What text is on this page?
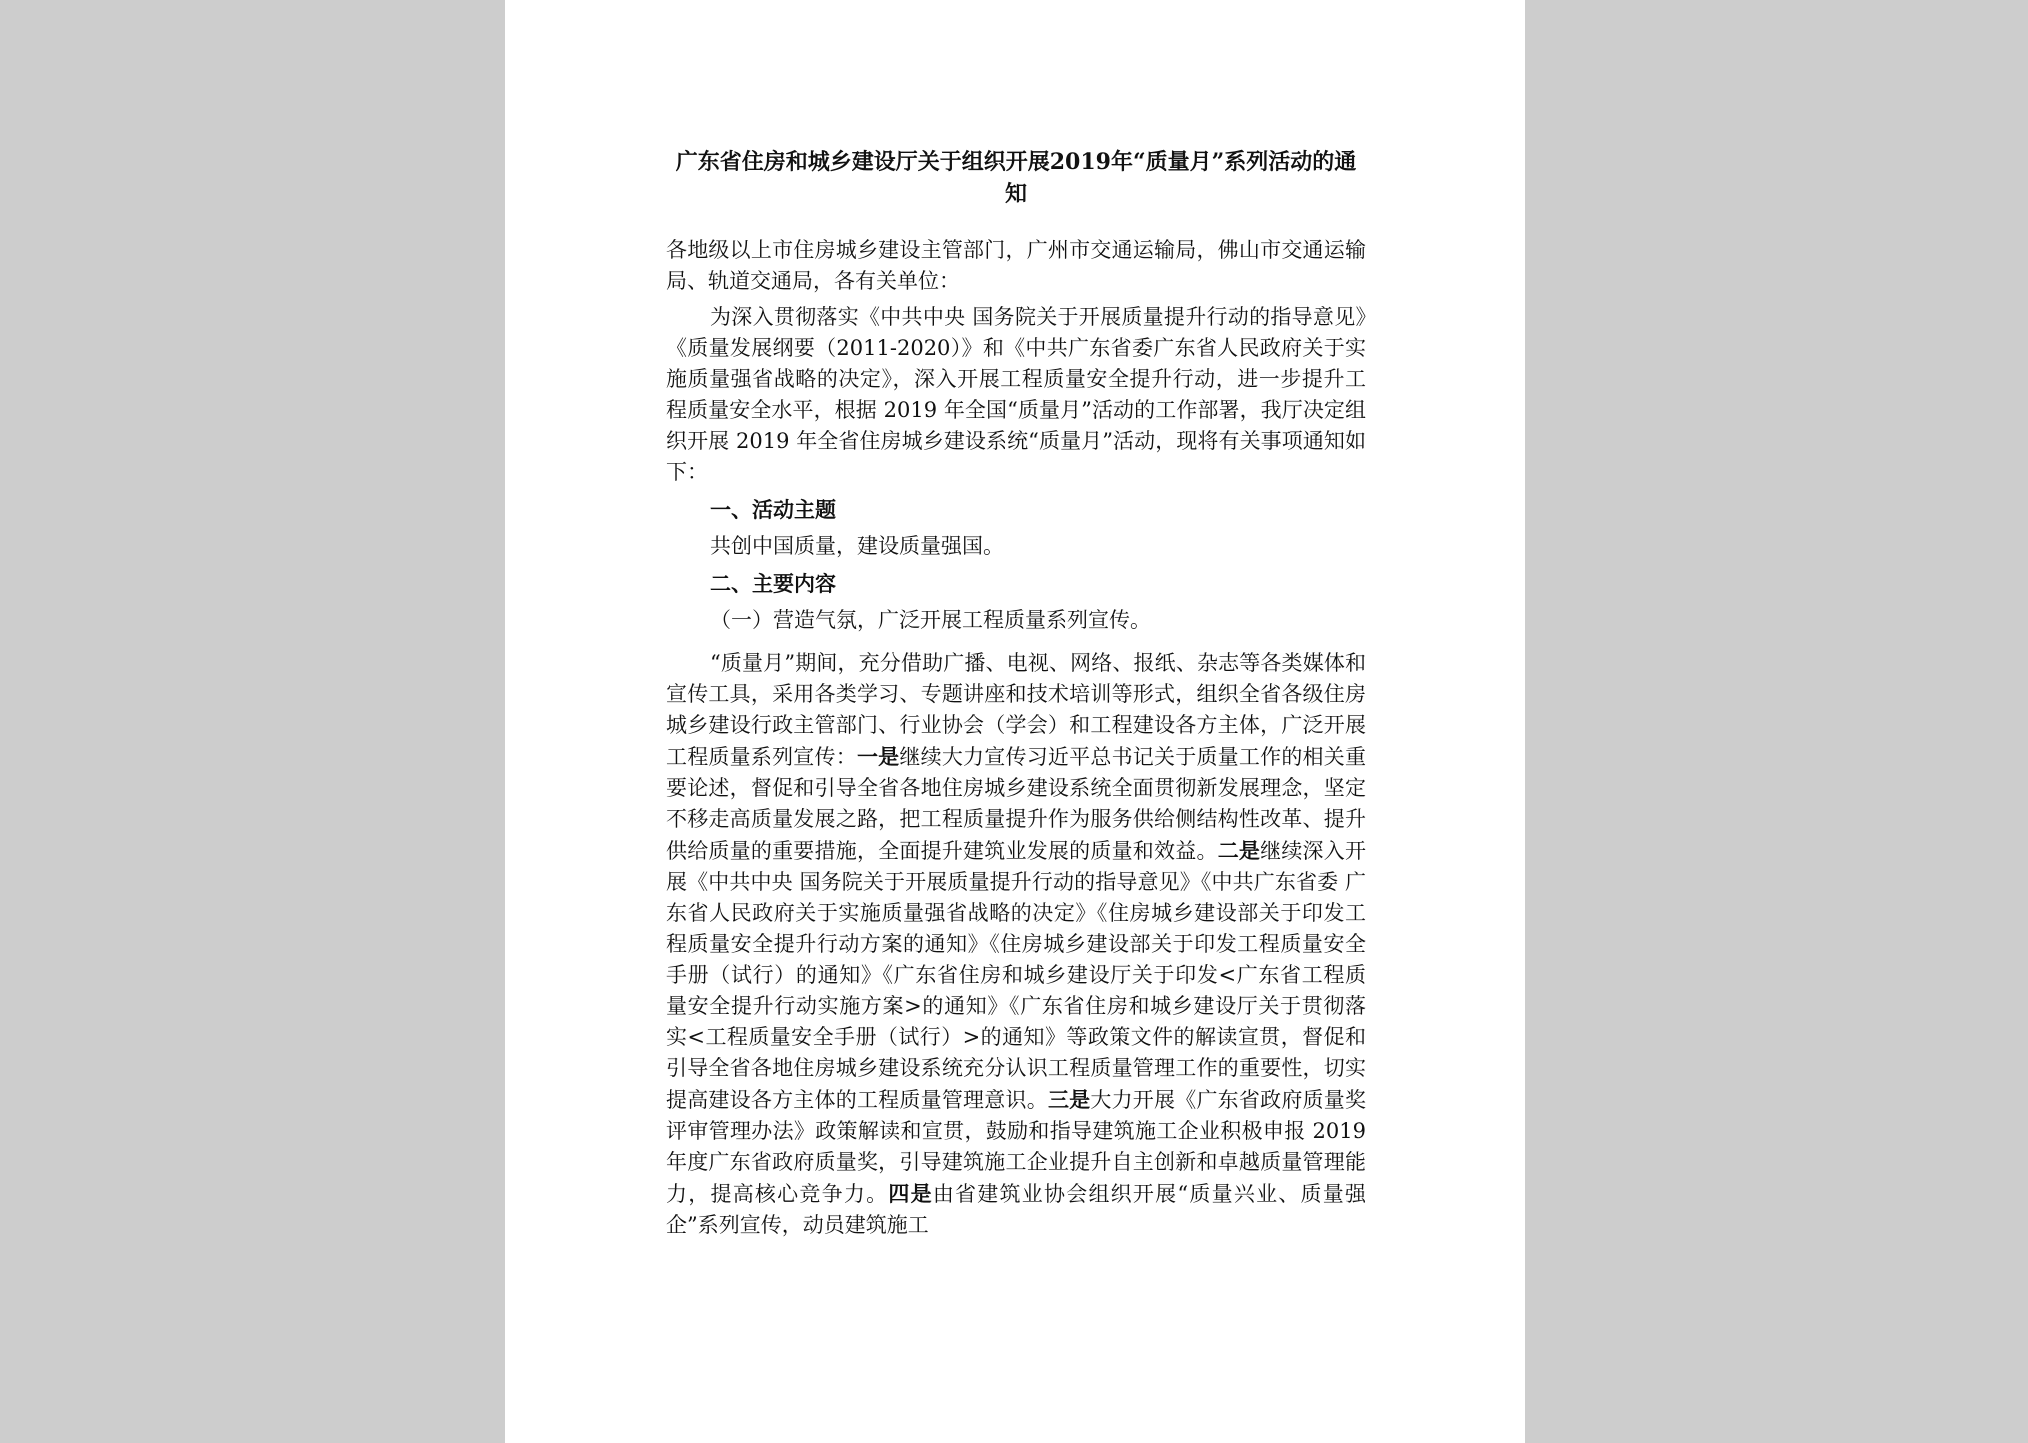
广东省住房和城乡建设厅关于组织开展2019年“质量月”系列活动的通知

各地级以上市住房城乡建设主管部门，广州市交通运输局，佛山市交通运输局、轨道交通局，各有关单位：

为深入贯彻落实《中共中央 国务院关于开展质量提升行动的指导意见》《质量发展纲要（2011-2020）》和《中共广东省委广东省人民政府关于实施质量强省战略的决定》，深入开展工程质量安全提升行动，进一步提升工程质量安全水平，根据 2019 年全国“质量月”活动的工作部署，我厅决定组织开展 2019 年全省住房城乡建设系统“质量月”活动，现将有关事项通知如下：

一、活动主题
共创中国质量，建设质量强国。
二、主要内容
（一）营造气氛，广泛开展工程质量系列宣传。

“质量月”期间，充分借助广播、电视、网络、报纸、杂志等各类媒体和宣传工具，采用各类学习、专题讲座和技术培训等形式，组织全省各级住房城乡建设行政主管部门、行业协会（学会）和工程建设各方主体，广泛开展工程质量系列宣传：一是继续大力宣传习近平总书记关于质量工作的相关重要论述，督促和引导全省各地住房城乡建设系统全面贯彻新发展理念，坚定不移走高质量发展之路，把工程质量提升作为服务供给侧结构性改革、提升供给质量的重要措施，全面提升建筑业发展的质量和效益。二是继续深入开展《中共中央 国务院关于开展质量提升行动的指导意见》《中共广东省委 广东省人民政府关于实施质量强省战略的决定》《住房城乡建设部关于印发工程质量安全提升行动方案的通知》《住房城乡建设部关于印发工程质量安全手册（试行）的通知》《广东省住房和城乡建设厅关于印发<广东省工程质量安全提升行动实施方案>的通知》《广东省住房和城乡建设厅关于贯彻落实<工程质量安全手册（试行）>的通知》等政策文件的解读宣贯，督促和引导全省各地住房城乡建设系统充分认识工程质量管理工作的重要性，切实提高建设各方主体的工程质量管理意识。三是大力开展《广东省政府质量奖评审管理办法》政策解读和宣贯，鼓励和指导建筑施工企业积极申报 2019 年度广东省政府质量奖，引导建筑施工企业提升自主创新和卓越质量管理能力，提高核心竞争力。四是由省建筑业协会组织开展“质量兴业、质量强企”系列宣传，动员建筑施工
